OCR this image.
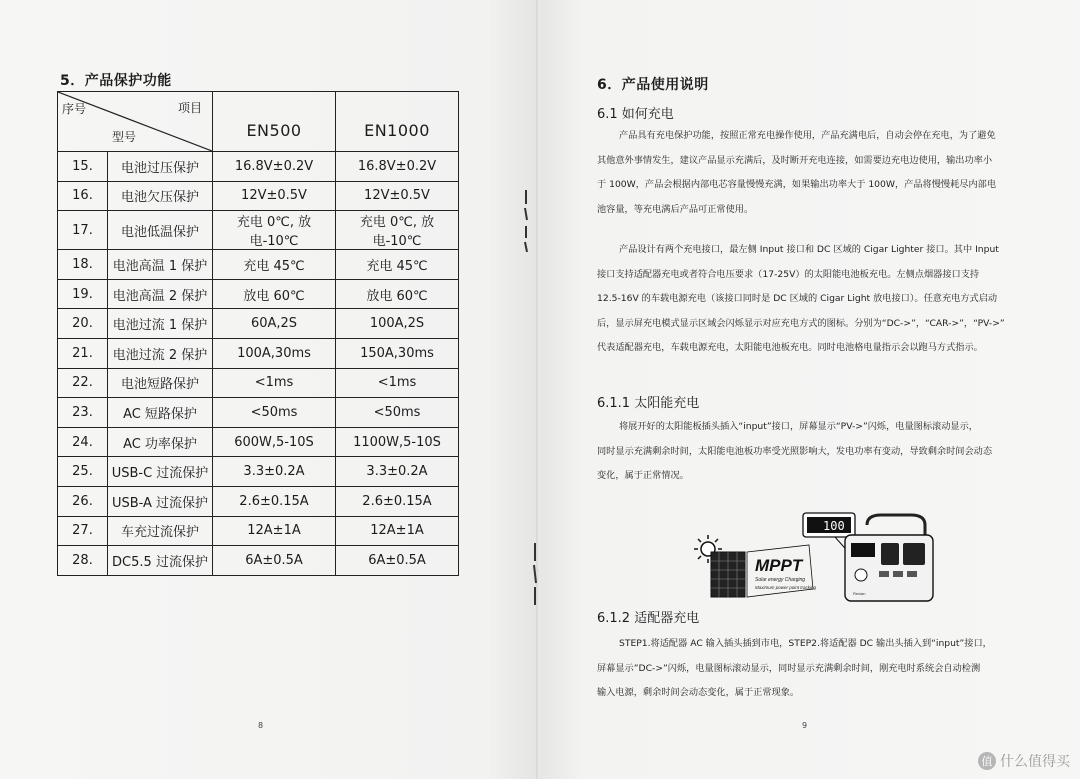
5．产品保护功能
序号 项目
型号		EN500	EN1000
15.	电池过压保护	16.8V±0.2V	16.8V±0.2V
16.	电池欠压保护	12V±0.5V	12V±0.5V
17.	电池低温保护	充电 0℃, 放电-10℃	充电 0℃, 放电-10℃
18.	电池高温 1 保护	充电 45℃	充电 45℃
19.	电池高温 2 保护	放电 60℃	放电 60℃
20.	电池过流 1 保护	60A,2S	100A,2S
21.	电池过流 2 保护	100A,30ms	150A,30ms
22.	电池短路保护	<1ms	<1ms
23.	AC 短路保护	<50ms	<50ms
24.	AC 功率保护	600W,5-10S	1100W,5-10S
25.	USB-C 过流保护	3.3±0.2A	3.3±0.2A
26.	USB-A 过流保护	2.6±0.15A	2.6±0.15A
27.	车充过流保护	12A±1A	12A±1A
28.	DC5.5 过流保护	6A±0.5A	6A±0.5A
8
6．产品使用说明
6.1 如何充电
产品具有充电保护功能，按照正常充电操作使用，产品充满电后，自动会停在充电，为了避免
其他意外事情发生，建议产品显示充满后，及时断开充电连接，如需要边充电边使用，输出功率小
于 100W，产品会根据内部电芯容量慢慢充满，如果输出功率大于 100W，产品将慢慢耗尽内部电
池容量，等充电满后产品可正常使用。
产品设计有两个充电接口，最左侧 Input 接口和 DC 区域的 Cigar Lighter 接口。其中 Input
接口支持适配器充电或者符合电压要求（17-25V）的太阳能电池板充电。左侧点烟器接口支持
12.5-16V 的车载电源充电（该接口同时是 DC 区域的 Cigar Light 放电接口）。任意充电方式启动
后，显示屏充电模式显示区域会闪烁显示对应充电方式的图标。分别为“DC->”，“CAR->”，“PV->”
代表适配器充电，车载电源充电，太阳能电池板充电。同时电池格电量指示会以跑马方式指示。
6.1.1 太阳能充电
将展开好的太阳能板插头插入“input”接口，屏幕显示“PV->”闪烁，电量图标滚动显示，
同时显示充满剩余时间，太阳能电池板功率受光照影响大，发电功率有变动，导致剩余时间会动态
变化，属于正常情况。
MPPT
Solar energy Charging
Maximum power point tracking
100
Rexian
6.1.2 适配器充电
STEP1.将适配器 AC 输入插头插到市电，STEP2.将适配器 DC 输出头插入到“input”接口，
屏幕显示”DC->”闪烁，电量图标滚动显示，同时显示充满剩余时间，刚充电时系统会自动检测
输入电源，剩余时间会动态变化，属于正常现象。
9
值 什么值得买
